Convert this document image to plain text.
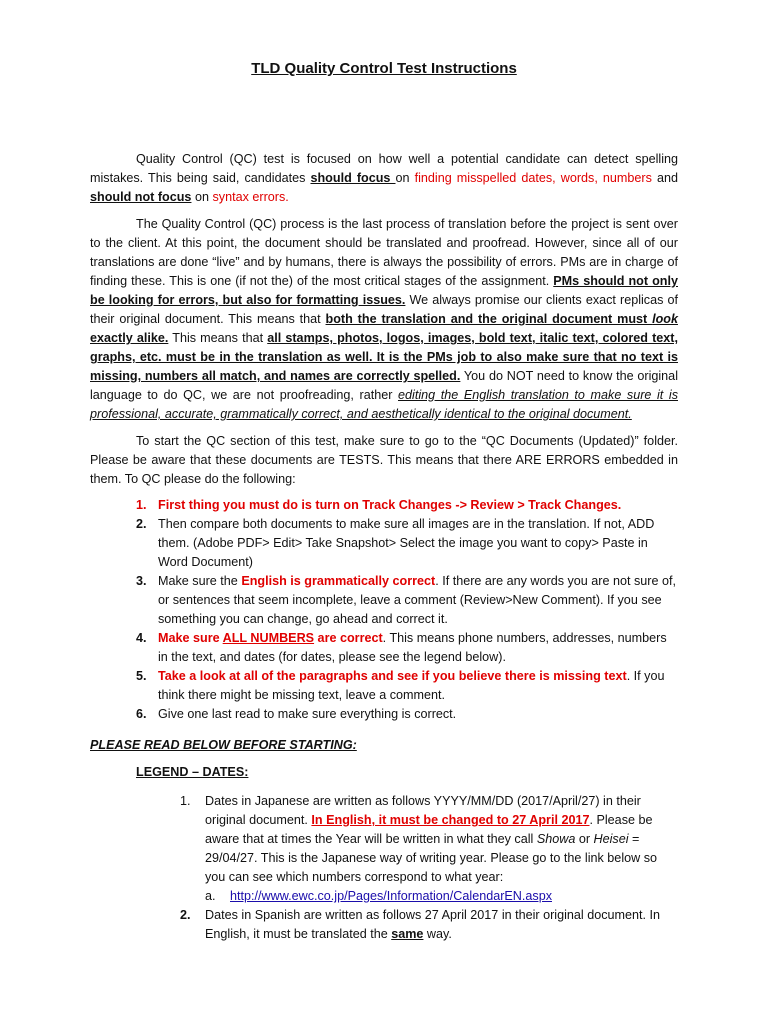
TLD Quality Control Test Instructions

Quality Control (QC) test is focused on how well a potential candidate can detect spelling mistakes. This being said, candidates should focus on finding misspelled dates, words, numbers and should not focus on syntax errors.

The Quality Control (QC) process is the last process of translation before the project is sent over to the client. At this point, the document should be translated and proofread. However, since all of our translations are done “live” and by humans, there is always the possibility of errors. PMs are in charge of finding these. This is one (if not the) of the most critical stages of the assignment. PMs should not only be looking for errors, but also for formatting issues. We always promise our clients exact replicas of their original document. This means that both the translation and the original document must look exactly alike. This means that all stamps, photos, logos, images, bold text, italic text, colored text, graphs, etc. must be in the translation as well. It is the PMs job to also make sure that no text is missing, numbers all match, and names are correctly spelled. You do NOT need to know the original language to do QC, we are not proofreading, rather editing the English translation to make sure it is professional, accurate, grammatically correct, and aesthetically identical to the original document.

To start the QC section of this test, make sure to go to the “QC Documents (Updated)” folder. Please be aware that these documents are TESTS. This means that there ARE ERRORS embedded in them. To QC please do the following:

1. First thing you must do is turn on Track Changes -> Review > Track Changes.
2. Then compare both documents to make sure all images are in the translation. If not, ADD them. (Adobe PDF> Edit> Take Snapshot> Select the image you want to copy> Paste in Word Document)
3. Make sure the English is grammatically correct. If there are any words you are not sure of, or sentences that seem incomplete, leave a comment (Review>New Comment). If you see something you can change, go ahead and correct it.
4. Make sure ALL NUMBERS are correct. This means phone numbers, addresses, numbers in the text, and dates (for dates, please see the legend below).
5. Take a look at all of the paragraphs and see if you believe there is missing text. If you think there might be missing text, leave a comment.
6. Give one last read to make sure everything is correct.

PLEASE READ BELOW BEFORE STARTING:

LEGEND – DATES:

1. Dates in Japanese are written as follows YYYY/MM/DD (2017/April/27) in their original document. In English, it must be changed to 27 April 2017. Please be aware that at times the Year will be written in what they call Showa or Heisei = 29/04/27. This is the Japanese way of writing year. Please go to the link below so you can see which numbers correspond to what year:
a. http://www.ewc.co.jp/Pages/Information/CalendarEN.aspx
2. Dates in Spanish are written as follows 27 April 2017 in their original document. In English, it must be translated the same way.
